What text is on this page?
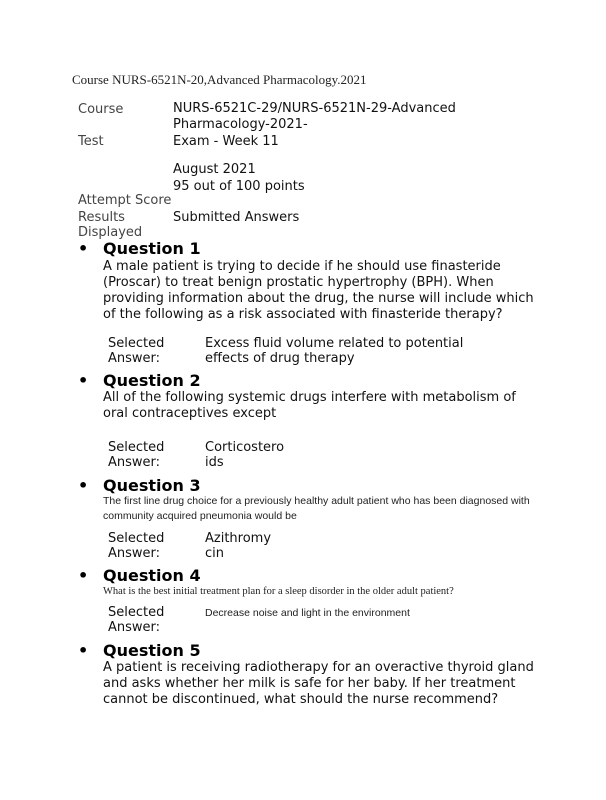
Course NURS-6521N-20,Advanced Pharmacology.2021
Course	NURS-6521C-29/NURS-6521N-29-Advanced Pharmacology-2021-
Test	Exam - Week 11
August 2021
95 out of 100 points
Attempt Score
Results Displayed
Submitted Answers
• Question 1
A male patient is trying to decide if he should use finasteride (Proscar) to treat benign prostatic hypertrophy (BPH). When providing information about the drug, the nurse will include which of the following as a risk associated with finasteride therapy?
Selected Answer:
Excess fluid volume related to potential effects of drug therapy
• Question 2
All of the following systemic drugs interfere with metabolism of oral contraceptives except
Selected Answer:
Corticosteroids
• Question 3
The first line drug choice for a previously healthy adult patient who has been diagnosed with community acquired pneumonia would be
Selected Answer:
Azithromycin
• Question 4
What is the best initial treatment plan for a sleep disorder in the older adult patient?
Selected Answer:
Decrease noise and light in the environment
• Question 5
A patient is receiving radiotherapy for an overactive thyroid gland and asks whether her milk is safe for her baby. If her treatment cannot be discontinued, what should the nurse recommend?
